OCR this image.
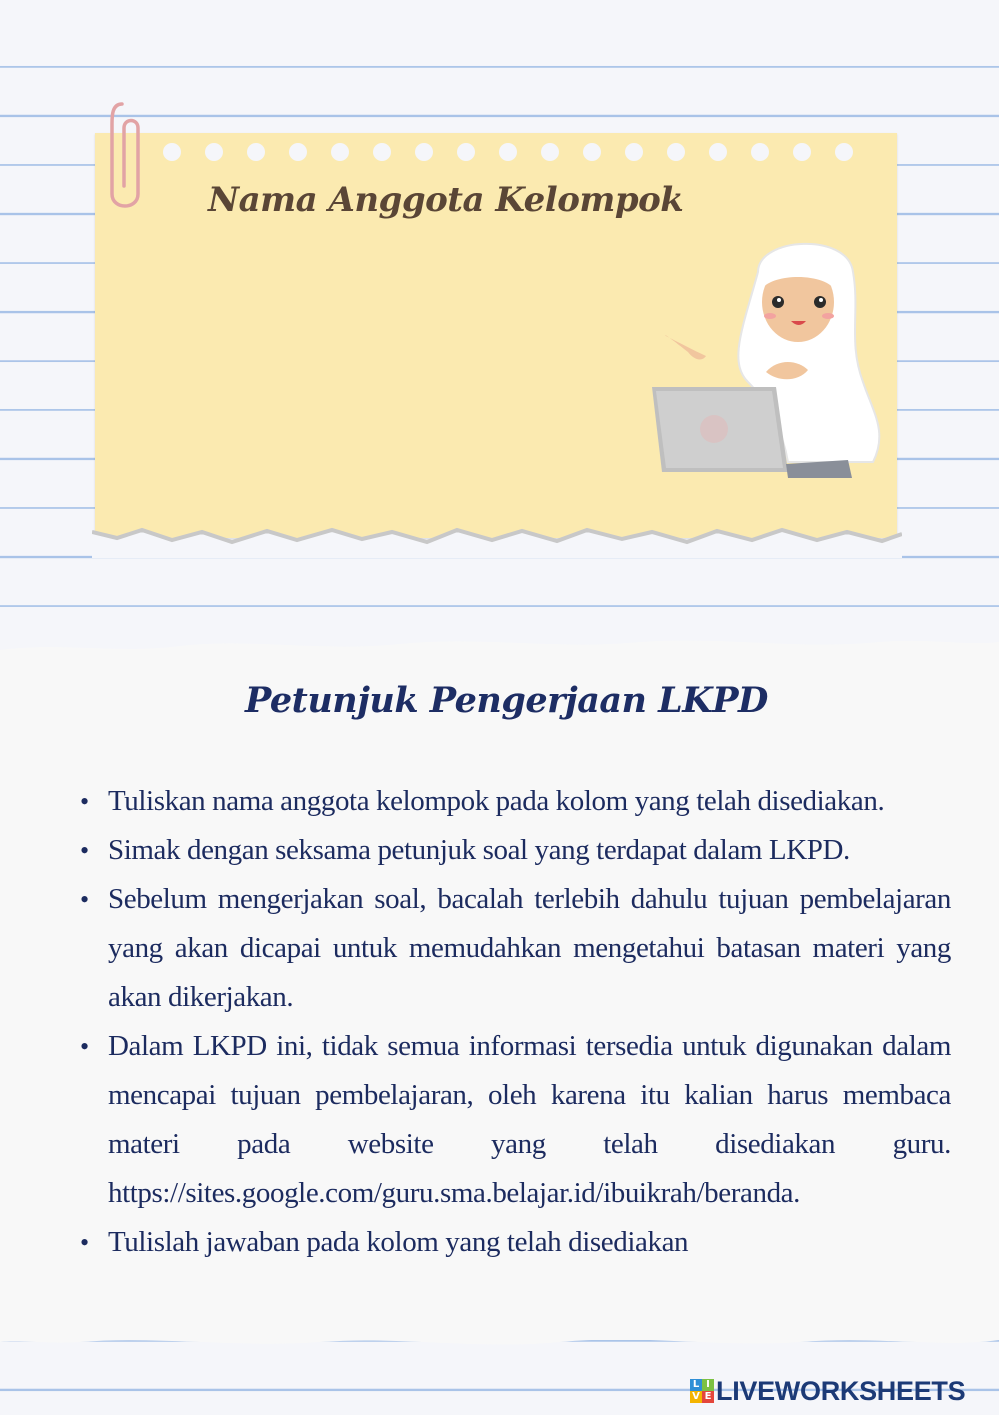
Nama Anggota Kelompok
Petunjuk Pengerjaan LKPD
• Tuliskan nama anggota kelompok pada kolom yang telah disediakan.
• Simak dengan seksama petunjuk soal yang terdapat dalam LKPD.
• Sebelum mengerjakan soal, bacalah terlebih dahulu tujuan pembelajaran yang akan dicapai untuk memudahkan mengetahui batasan materi yang akan dikerjakan.
• Dalam LKPD ini, tidak semua informasi tersedia untuk digunakan dalam mencapai tujuan pembelajaran, oleh karena itu kalian harus membaca materi pada website yang telah disediakan guru. https://sites.google.com/guru.sma.belajar.id/ibuikrah/beranda.
• Tulislah jawaban pada kolom yang telah disediakan
L I
V E LIVEWORKSHEETS
